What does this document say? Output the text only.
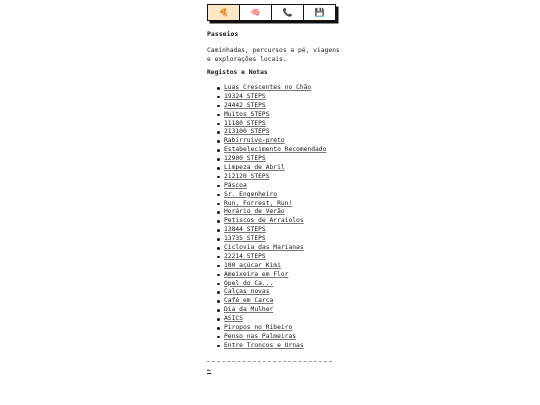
🍕	🧠	📞	💾
Passeios

Caminhadas, percursos a pé, viagens e explorações locais.

Registos e Notas
Luas Crescentes no Chão
19324 STEPS
24442 STEPS
Muitos STEPS
11180 STEPS
213100 STEPS
Rabirruivo-preto
Estabelecimento Recomendado
12900 STEPS
Limpeza de Abril
212120 STEPS
Páscoa
Sr. Engenheiro
Run, Forrest, Run!
Horário de Verão
Petiscos de Arraiolos
13844 STEPS
13735 STEPS
Ciclovia das Marianas
22214 STEPS
100 açúcar Kimi
Ameixeira em Flor
Opel do Ca...
Calças novas
Café em Carca
Dia da Mulher
ASICS
Piropos no Ribeiro
Penso nas Palmeiras
Entre Troncos e Urnas
←
